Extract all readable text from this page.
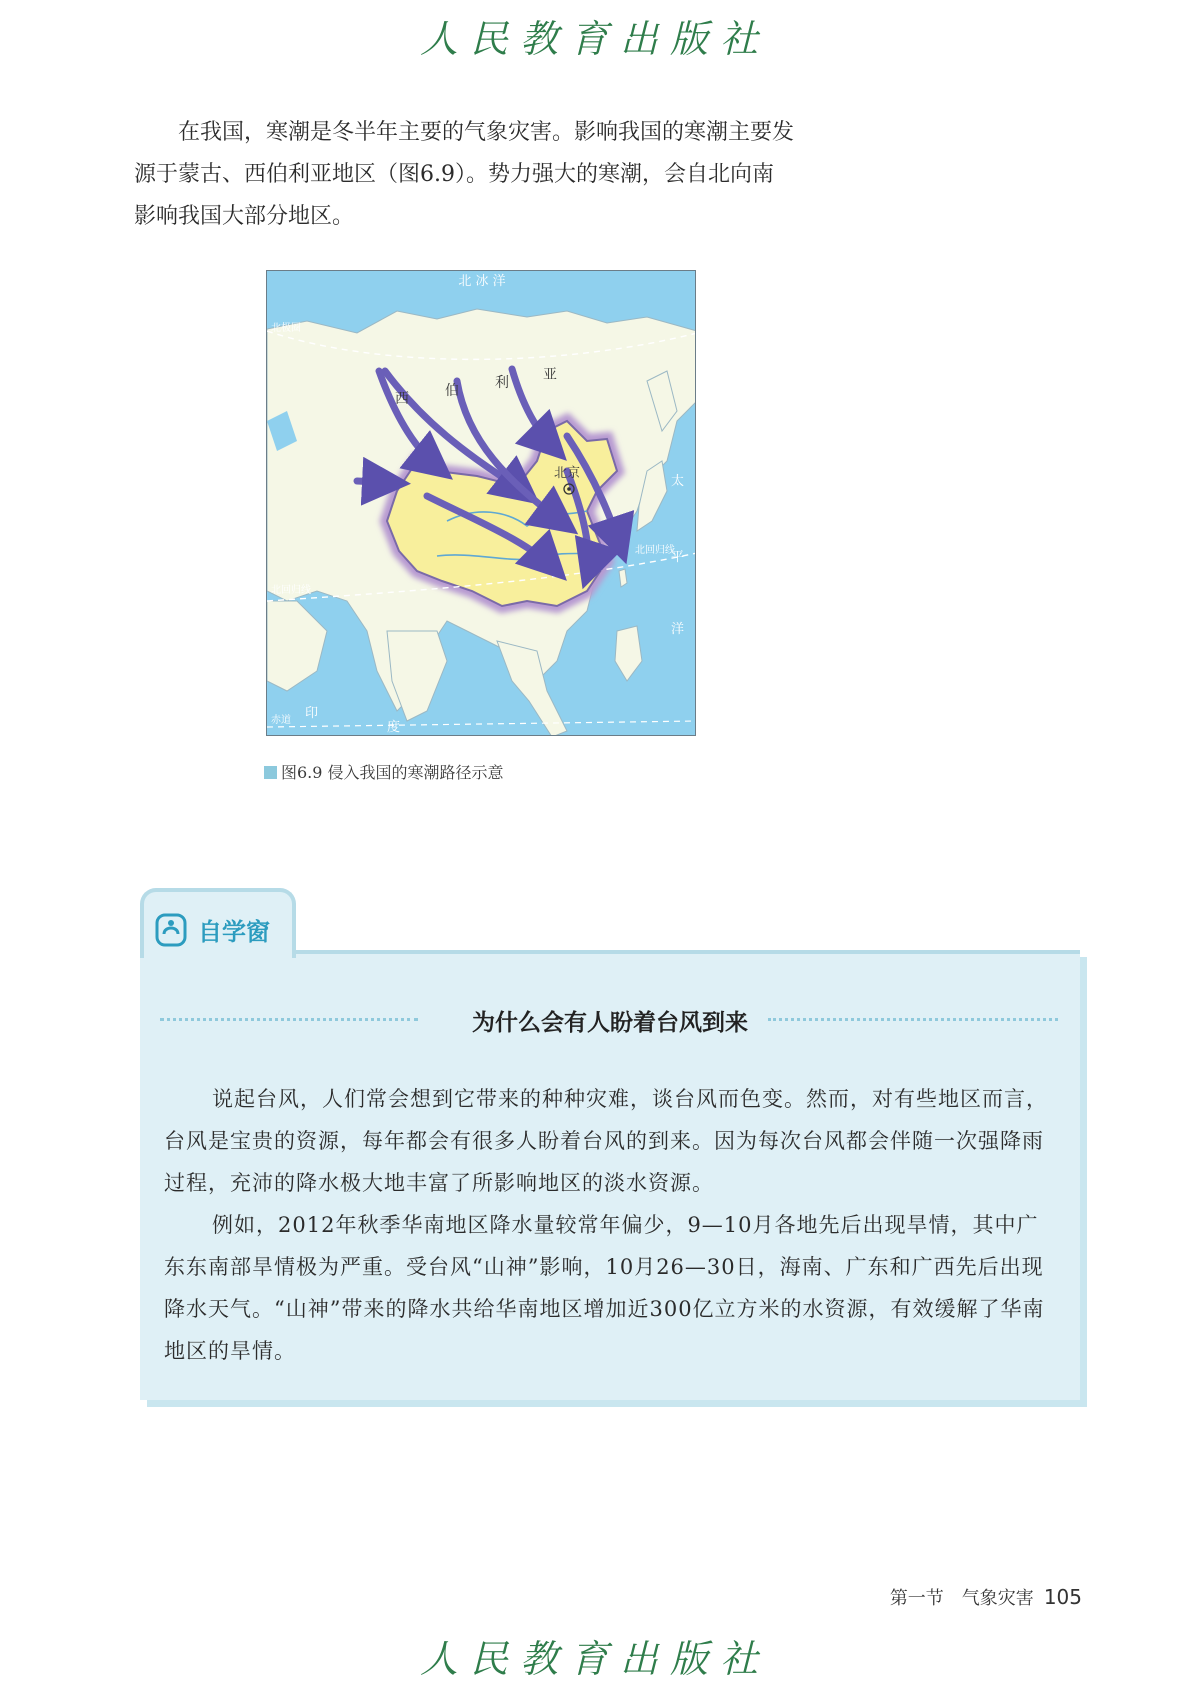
人民教育出版社

在我国，寒潮是冬半年主要的气象灾害。影响我国的寒潮主要发源于蒙古、西伯利亚地区（图6.9）。势力强大的寒潮，会自北向南影响我国大部分地区。

北 冰 洋
西	伯	利 亚
北京
太
平
洋
印
度
北极圈
北回归线
北回归线
赤道
图6.9 侵入我国的寒潮路径示意
自学窗
为什么会有人盼着台风到来

说起台风，人们常会想到它带来的种种灾难，谈台风而色变。然而，对有些地区而言，台风是宝贵的资源，每年都会有很多人盼着台风的到来。因为每次台风都会伴随一次强降雨过程，充沛的降水极大地丰富了所影响地区的淡水资源。

例如，2012年秋季华南地区降水量较常年偏少，9—10月各地先后出现旱情，其中广东东南部旱情极为严重。受台风“山神”影响，10月26—30日，海南、广东和广西先后出现降水天气。“山神”带来的降水共给华南地区增加近300亿立方米的水资源，有效缓解了华南地区的旱情。

第一节　气象灾害 105
人民教育出版社
